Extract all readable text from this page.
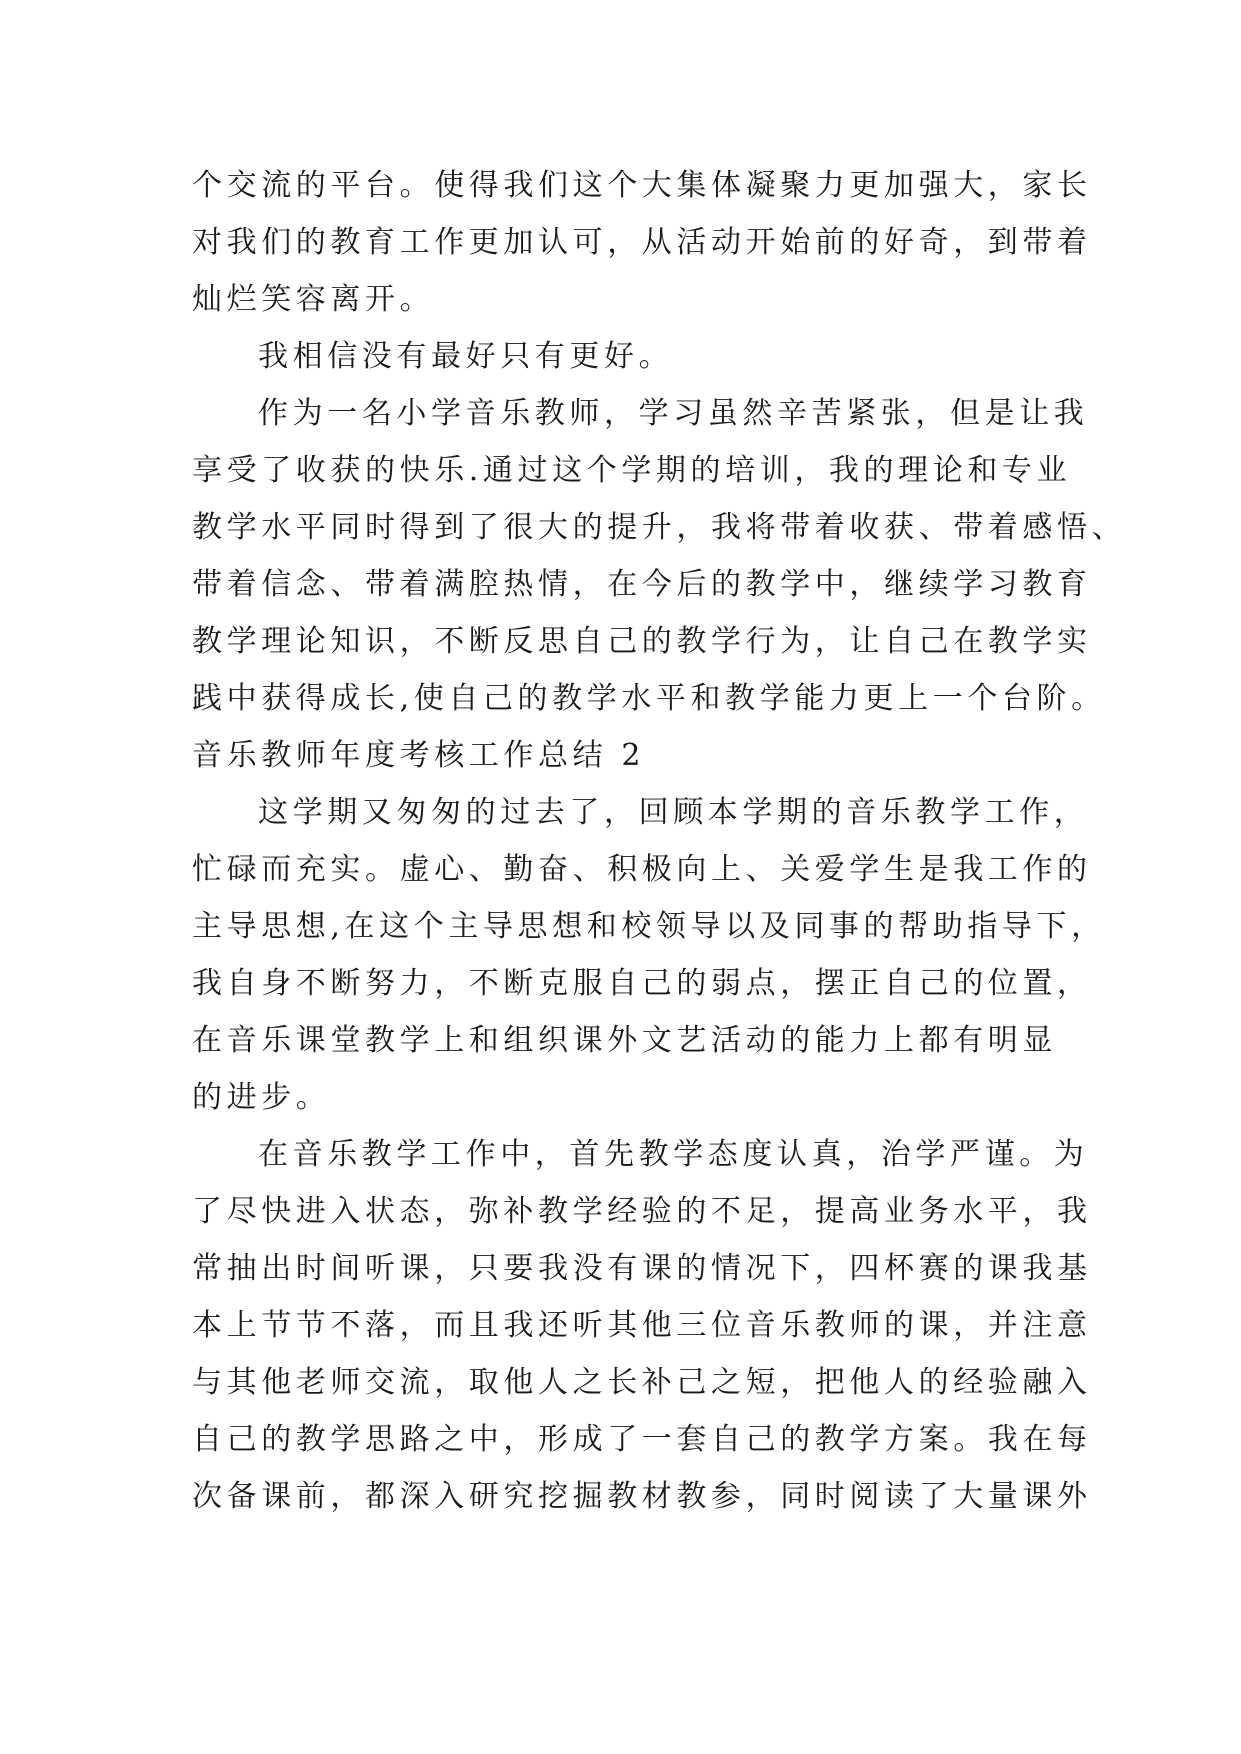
个交流的平台。使得我们这个大集体凝聚力更加强大，家长
对我们的教育工作更加认可，从活动开始前的好奇，到带着
灿烂笑容离开。
我相信没有最好只有更好。
作为一名小学音乐教师，学习虽然辛苦紧张，但是让我
享受了收获的快乐.通过这个学期的培训，我的理论和专业
教学水平同时得到了很大的提升，我将带着收获、带着感悟、
带着信念、带着满腔热情，在今后的教学中，继续学习教育
教学理论知识，不断反思自己的教学行为，让自己在教学实
践中获得成长,使自己的教学水平和教学能力更上一个台阶。
音乐教师年度考核工作总结 2
这学期又匆匆的过去了，回顾本学期的音乐教学工作，
忙碌而充实。虚心、勤奋、积极向上、关爱学生是我工作的
主导思想,在这个主导思想和校领导以及同事的帮助指导下，
我自身不断努力，不断克服自己的弱点，摆正自己的位置，
在音乐课堂教学上和组织课外文艺活动的能力上都有明显
的进步。
在音乐教学工作中，首先教学态度认真，治学严谨。为
了尽快进入状态，弥补教学经验的不足，提高业务水平，我
常抽出时间听课，只要我没有课的情况下，四杯赛的课我基
本上节节不落，而且我还听其他三位音乐教师的课，并注意
与其他老师交流，取他人之长补己之短，把他人的经验融入
自己的教学思路之中，形成了一套自己的教学方案。我在每
次备课前，都深入研究挖掘教材教参，同时阅读了大量课外
